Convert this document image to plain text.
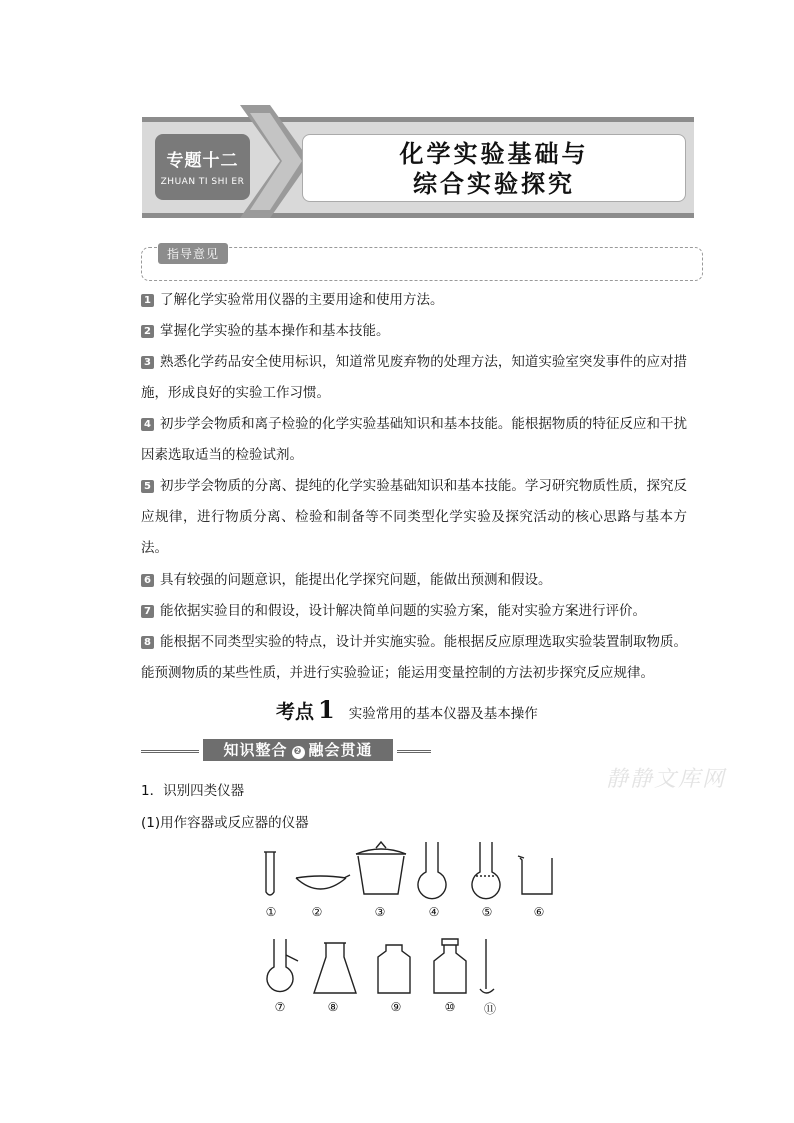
专题十二
ZHUAN TI SHI ER
化学实验基础与
综合实验探究
指导意见
1 了解化学实验常用仪器的主要用途和使用方法。
2 掌握化学实验的基本操作和基本技能。
3 熟悉化学药品安全使用标识，知道常见废弃物的处理方法，知道实验室突发事件的应对措施，形成良好的实验工作习惯。
4 初步学会物质和离子检验的化学实验基础知识和基本技能。能根据物质的特征反应和干扰因素选取适当的检验试剂。
5 初步学会物质的分离、提纯的化学实验基础知识和基本技能。学习研究物质性质，探究反应规律，进行物质分离、检验和制备等不同类型化学实验及探究活动的核心思路与基本方法。
6 具有较强的问题意识，能提出化学探究问题，能做出预测和假设。
7 能依据实验目的和假设，设计解决简单问题的实验方案，能对实验方案进行评价。
8 能根据不同类型实验的特点，设计并实施实验。能根据反应原理选取实验装置制取物质。能预测物质的某些性质，并进行实验验证；能运用变量控制的方法初步探究反应规律。
考点 1 实验常用的基本仪器及基本操作
知识整合 ❷ 融会贯通
1．识别四类仪器
(1)用作容器或反应器的仪器
静静文库网
①	②	③	④	⑤	⑥
⑦	⑧	⑨	⑩	⑪
